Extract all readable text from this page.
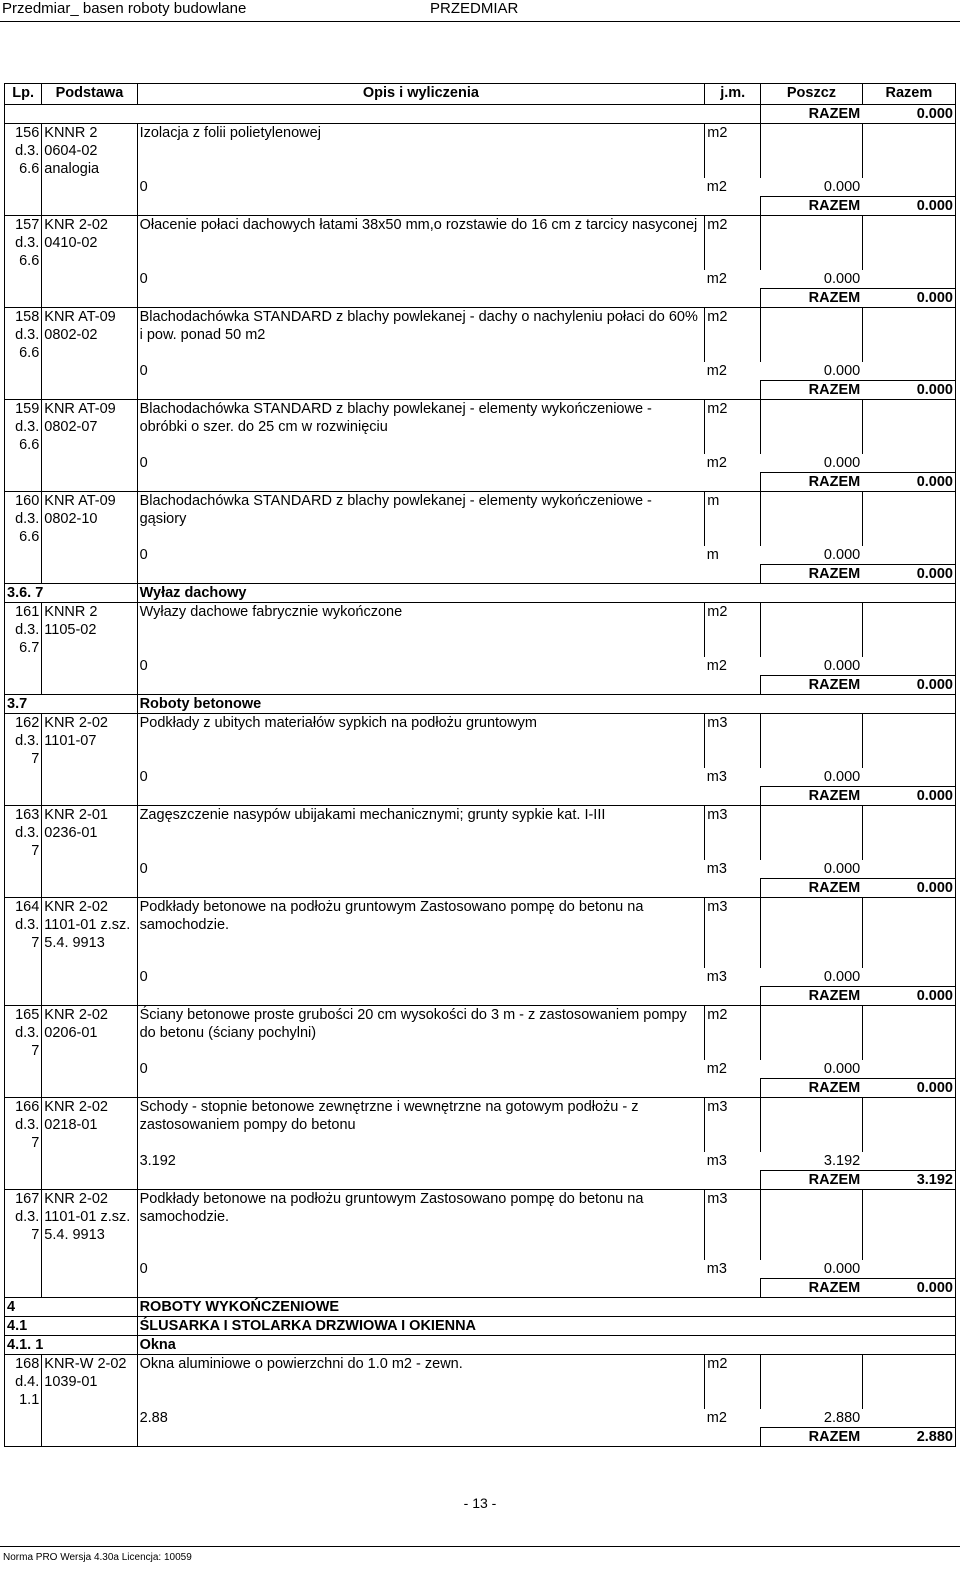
Przedmiar_ basen roboty budowlane	PRZEDMIAR
Lp.	Podstawa	Opis i wyliczenia	j.m.	Poszcz	Razem
				RAZEM	0.000
156 d.3. 6.6	KNNR 2 0604-02 analogia	Izolacja z folii polietylenowej	m2		
		0	m2	0.000	
				RAZEM	0.000
157 d.3. 6.6	KNR 2-02 0410-02	Ołacenie połaci dachowych łatami 38x50 mm,o rozstawie do 16 cm z tarcicy nasyconej	m2		
		0	m2	0.000	
				RAZEM	0.000
158 d.3. 6.6	KNR AT-09 0802-02	Blachodachówka STANDARD z blachy powlekanej - dachy o nachyleniu połaci do 60% i pow. ponad 50 m2	m2		
		0	m2	0.000	
				RAZEM	0.000
159 d.3. 6.6	KNR AT-09 0802-07	Blachodachówka STANDARD z blachy powlekanej - elementy wykończeniowe - obróbki o szer. do 25 cm w rozwinięciu	m2		
		0	m2	0.000	
				RAZEM	0.000
160 d.3. 6.6	KNR AT-09 0802-10	Blachodachówka STANDARD z blachy powlekanej - elementy wykończeniowe - gąsiory	m		
		0	m	0.000	
				RAZEM	0.000
3.6. 7		Wyłaz dachowy			
161 d.3. 6.7	KNNR 2 1105-02	Wyłazy dachowe fabrycznie wykończone	m2		
		0	m2	0.000	
				RAZEM	0.000
3.7		Roboty betonowe			
162 d.3. 7	KNR 2-02 1101-07	Podkłady z ubitych materiałów sypkich na podłożu gruntowym	m3		
		0	m3	0.000	
				RAZEM	0.000
163 d.3. 7	KNR 2-01 0236-01	Zagęszczenie nasypów ubijakami mechanicznymi; grunty sypkie kat. I-III	m3		
		0	m3	0.000	
				RAZEM	0.000
164 d.3. 7	KNR 2-02 1101-01 z.sz. 5.4. 9913	Podkłady betonowe na podłożu gruntowym Zastosowano pompę do betonu na samochodzie.	m3		
		0	m3	0.000	
				RAZEM	0.000
165 d.3. 7	KNR 2-02 0206-01	Ściany betonowe proste grubości 20 cm wysokości do 3 m - z zastosowaniem pompy do betonu (ściany pochylni)	m2		
		0	m2	0.000	
				RAZEM	0.000
166 d.3. 7	KNR 2-02 0218-01	Schody - stopnie betonowe zewnętrzne i wewnętrzne na gotowym podłożu - z zastosowaniem pompy do betonu	m3		
		3.192	m3	3.192	
				RAZEM	3.192
167 d.3. 7	KNR 2-02 1101-01 z.sz. 5.4. 9913	Podkłady betonowe na podłożu gruntowym Zastosowano pompę do betonu na samochodzie.	m3		
		0	m3	0.000	
				RAZEM	0.000
4		ROBOTY WYKOŃCZENIOWE			
4.1		ŚLUSARKA I STOLARKA DRZWIOWA I OKIENNA			
4.1. 1		Okna			
168 d.4. 1.1	KNR-W 2-02 1039-01	Okna aluminiowe o powierzchni do 1.0 m2 - zewn.	m2		
		2.88	m2	2.880	
				RAZEM	2.880
- 13 -
Norma PRO Wersja 4.30a Licencja: 10059
